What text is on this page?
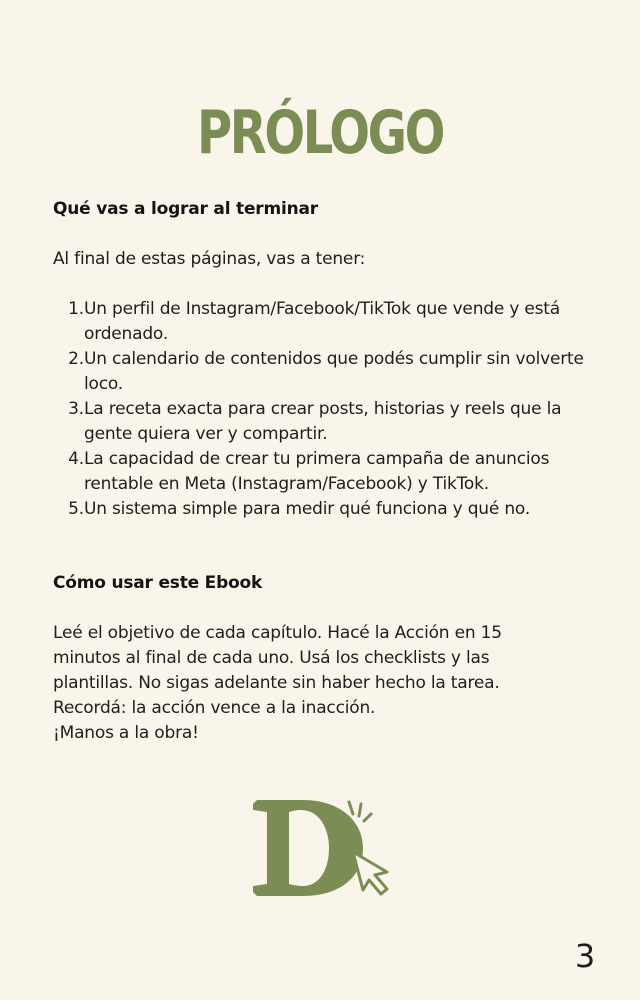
PRÓLOGO
Qué vas a lograr al terminar

Al final de estas páginas, vas a tener:

1. Un perfil de Instagram/Facebook/TikTok que vende y está ordenado.
2. Un calendario de contenidos que podés cumplir sin volverte loco.
3. La receta exacta para crear posts, historias y reels que la gente quiera ver y compartir.
4. La capacidad de crear tu primera campaña de anuncios rentable en Meta (Instagram/Facebook) y TikTok.
5. Un sistema simple para medir qué funciona y qué no.
Cómo usar este Ebook
Leé el objetivo de cada capítulo. Hacé la Acción en 15 minutos al final de cada uno. Usá los checklists y las plantillas. No sigas adelante sin haber hecho la tarea.
Recordá: la acción vence a la inacción.
¡Manos a la obra!
3
